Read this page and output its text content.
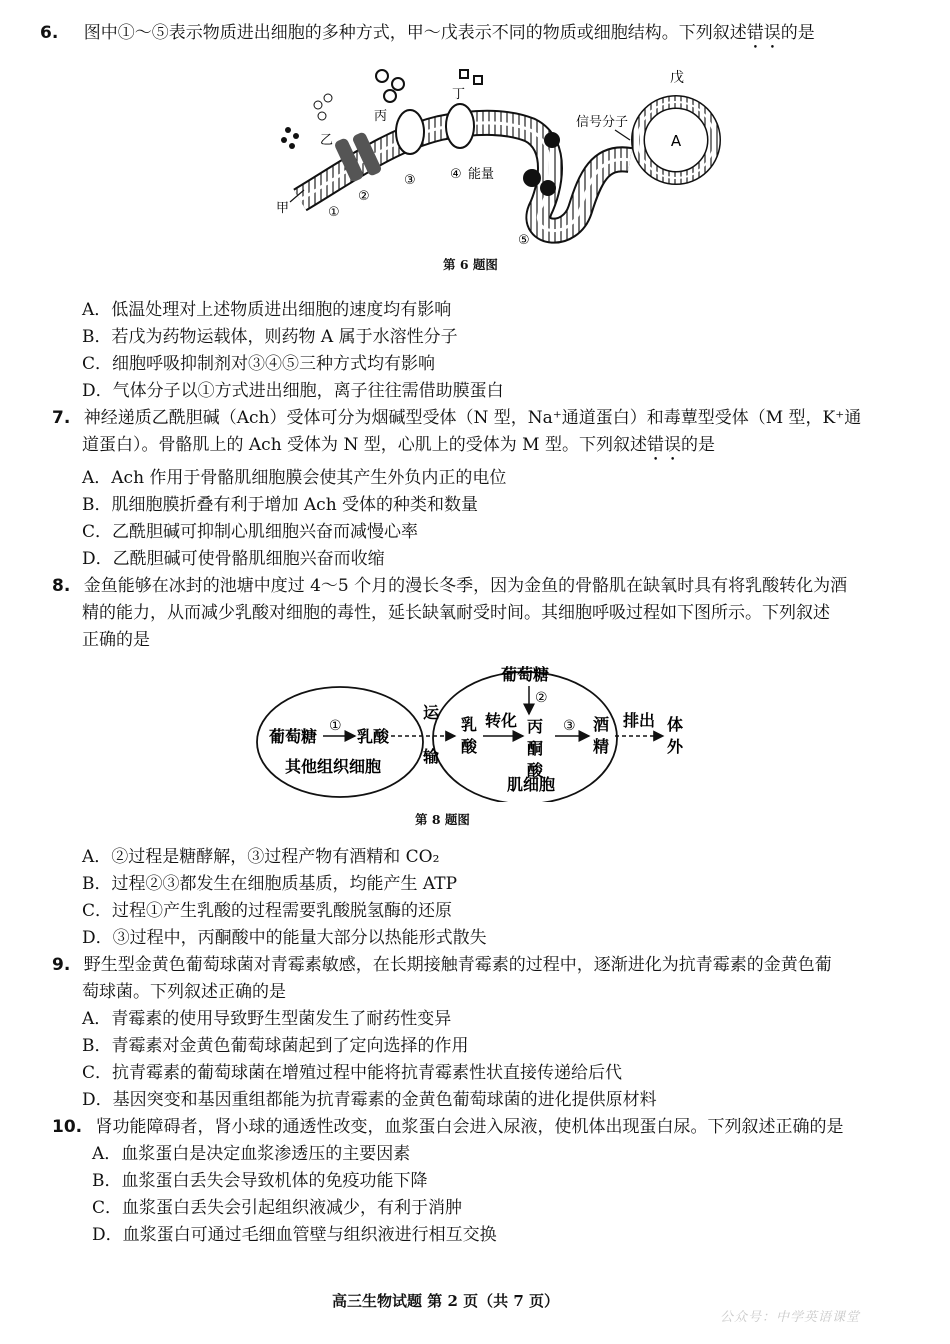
6. 图中①～⑤表示物质进出细胞的多种方式，甲～戊表示不同的物质或细胞结构。下列叙述错误的是
A
戊
信号分子
甲
乙
丙
丁
①
②
③	④ 能量
⑤
第 6 题图
A．低温处理对上述物质进出细胞的速度均有影响
B．若戊为药物运载体，则药物 A 属于水溶性分子
C．细胞呼吸抑制剂对③④⑤三种方式均有影响
D．气体分子以①方式进出细胞，离子往往需借助膜蛋白
7. 神经递质乙酰胆碱（Ach）受体可分为烟碱型受体（N 型，Na⁺通道蛋白）和毒蕈型受体（M 型，K⁺通
道蛋白）。骨骼肌上的 Ach 受体为 N 型，心肌上的受体为 M 型。下列叙述错误的是
A．Ach 作用于骨骼肌细胞膜会使其产生外负内正的电位
B．肌细胞膜折叠有利于增加 Ach 受体的种类和数量
C．乙酰胆碱可抑制心肌细胞兴奋而减慢心率
D．乙酰胆碱可使骨骼肌细胞兴奋而收缩
8. 金鱼能够在冰封的池塘中度过 4～5 个月的漫长冬季，因为金鱼的骨骼肌在缺氧时具有将乳酸转化为酒
精的能力，从而减少乳酸对细胞的毒性，延长缺氧耐受时间。其细胞呼吸过程如下图所示。下列叙述
正确的是
葡萄糖
①
乳酸
其他组织细胞
运
输
乳
酸
转化
葡萄糖
②
丙
酮
酸
③ 酒
精
肌细胞
排出 体
外
第 8 题图
A．②过程是糖酵解，③过程产物有酒精和 CO₂
B．过程②③都发生在细胞质基质，均能产生 ATP
C．过程①产生乳酸的过程需要乳酸脱氢酶的还原
D．③过程中，丙酮酸中的能量大部分以热能形式散失
9. 野生型金黄色葡萄球菌对青霉素敏感，在长期接触青霉素的过程中，逐渐进化为抗青霉素的金黄色葡
萄球菌。下列叙述正确的是
A．青霉素的使用导致野生型菌发生了耐药性变异
B．青霉素对金黄色葡萄球菌起到了定向选择的作用
C．抗青霉素的葡萄球菌在增殖过程中能将抗青霉素性状直接传递给后代
D．基因突变和基因重组都能为抗青霉素的金黄色葡萄球菌的进化提供原材料
10. 肾功能障碍者，肾小球的通透性改变，血浆蛋白会进入尿液，使机体出现蛋白尿。下列叙述正确的是
A．血浆蛋白是决定血浆渗透压的主要因素
B．血浆蛋白丢失会导致机体的免疫功能下降
C．血浆蛋白丢失会引起组织液减少，有利于消肿
D．血浆蛋白可通过毛细血管壁与组织液进行相互交换
高三生物试题 第 2 页（共 7 页）
公众号：中学英语课堂
